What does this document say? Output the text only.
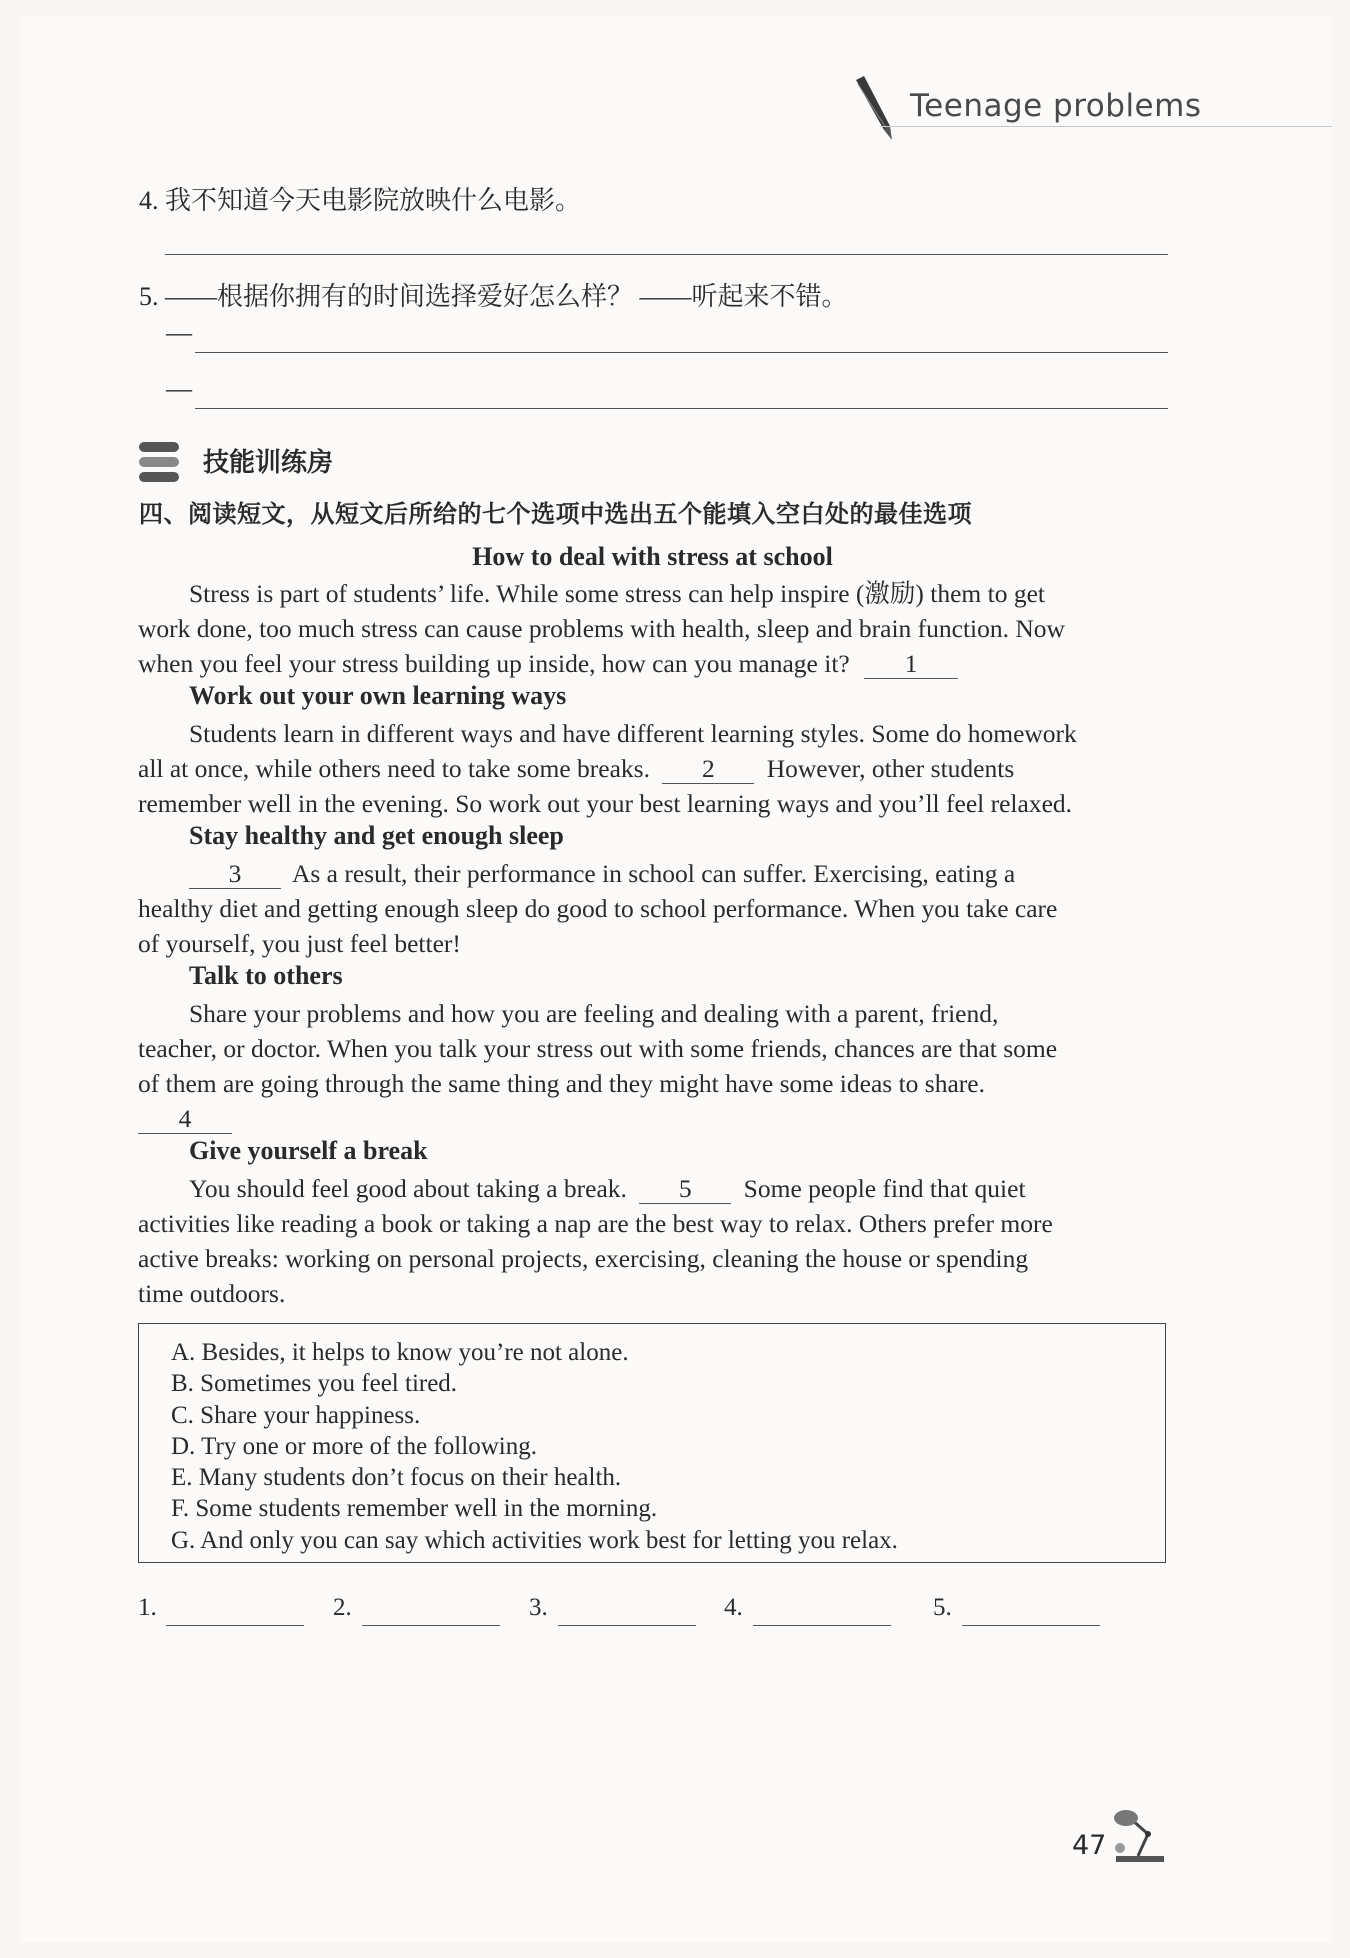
Teenage problems
4. 我不知道今天电影院放映什么电影。
5. ——根据你拥有的时间选择爱好怎么样？ ——听起来不错。
—
—
技能训练房
四、阅读短文，从短文后所给的七个选项中选出五个能填入空白处的最佳选项
How to deal with stress at school
Stress is part of students’ life. While some stress can help inspire (激励) them to get
work done, too much stress can cause problems with health, sleep and brain function. Now
when you feel your stress building up inside, how can you manage it? 1
Work out your own learning ways
Students learn in different ways and have different learning styles. Some do homework
all at once, while others need to take some breaks. 2 However, other students
remember well in the evening. So work out your best learning ways and you’ll feel relaxed.
Stay healthy and get enough sleep
3 As a result, their performance in school can suffer. Exercising, eating a
healthy diet and getting enough sleep do good to school performance. When you take care
of yourself, you just feel better!
Talk to others
Share your problems and how you are feeling and dealing with a parent, friend,
teacher, or doctor. When you talk your stress out with some friends, chances are that some
of them are going through the same thing and they might have some ideas to share.
4
Give yourself a break
You should feel good about taking a break. 5 Some people find that quiet
activities like reading a book or taking a nap are the best way to relax. Others prefer more
active breaks: working on personal projects, exercising, cleaning the house or spending
time outdoors.
A. Besides, it helps to know you’re not alone.
B. Sometimes you feel tired.
C. Share your happiness.
D. Try one or more of the following.
E. Many students don’t focus on their health.
F. Some students remember well in the morning.
G. And only you can say which activities work best for letting you relax.
1.	2.	3.	4.	5.
47
